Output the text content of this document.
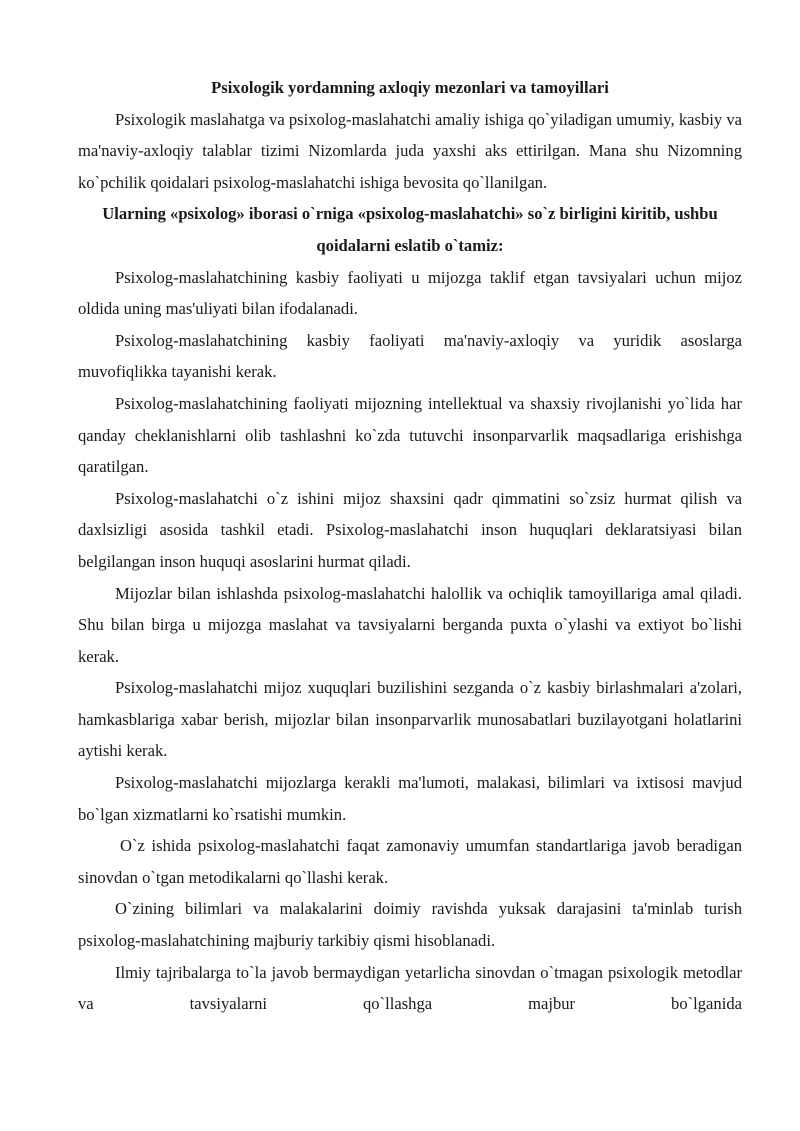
Psixologik yordamning axloqiy mezonlari va tamoyillari

Psixologik maslahatga va psixolog-maslahatchi amaliy ishiga qo`yiladigan umumiy, kasbiy va ma'naviy-axloqiy talablar tizimi Nizomlarda juda yaxshi aks ettirilgan. Mana shu Nizomning ko`pchilik qoidalari psixolog-maslahatchi ishiga bevosita qo`llanilgan.

Ularning «psixolog» iborasi o`rniga «psixolog-maslahatchi» so`z birligini kiritib, ushbu qoidalarni eslatib o`tamiz:

Psixolog-maslahatchining kasbiy faoliyati u mijozga taklif etgan tavsiyalari uchun mijoz oldida uning mas'uliyati bilan ifodalanadi.

Psixolog-maslahatchining kasbiy faoliyati ma'naviy-axloqiy va yuridik asoslarga muvofiqlikka tayanishi kerak.

Psixolog-maslahatchining faoliyati mijozning intellektual va shaxsiy rivojlanishi yo`lida har qanday cheklanishlarni olib tashlashni ko`zda tutuvchi insonparvarlik maqsadlariga erishishga qaratilgan.

Psixolog-maslahatchi o`z ishini mijoz shaxsini qadr qimmatini so`zsiz hurmat qilish va daxlsizligi asosida tashkil etadi. Psixolog-maslahatchi inson huquqlari deklaratsiyasi bilan belgilangan inson huquqi asoslarini hurmat qiladi.

Mijozlar bilan ishlashda psixolog-maslahatchi halollik va ochiqlik tamoyillariga amal qiladi. Shu bilan birga u mijozga maslahat va tavsiyalarni berganda puxta o`ylashi va extiyot bo`lishi kerak.

Psixolog-maslahatchi mijoz xuquqlari buzilishini sezganda o`z kasbiy birlashmalari a'zolari, hamkasblariga xabar berish, mijozlar bilan insonparvarlik munosabatlari buzilayotgani holatlarini aytishi kerak.

Psixolog-maslahatchi mijozlarga kerakli ma'lumoti, malakasi, bilimlari va ixtisosi mavjud bo`lgan xizmatlarni ko`rsatishi mumkin.

O`z ishida psixolog-maslahatchi faqat zamonaviy umumfan standartlariga javob beradigan sinovdan o`tgan metodikalarni qo`llashi kerak.

O`zining bilimlari va malakalarini doimiy ravishda yuksak darajasini ta'minlab turish psixolog-maslahatchining majburiy tarkibiy qismi hisoblanadi.

Ilmiy tajribalarga to`la javob bermaydigan yetarlicha sinovdan o`tmagan psixologik metodlar va tavsiyalarni qo`llashga majbur bo`lganida
